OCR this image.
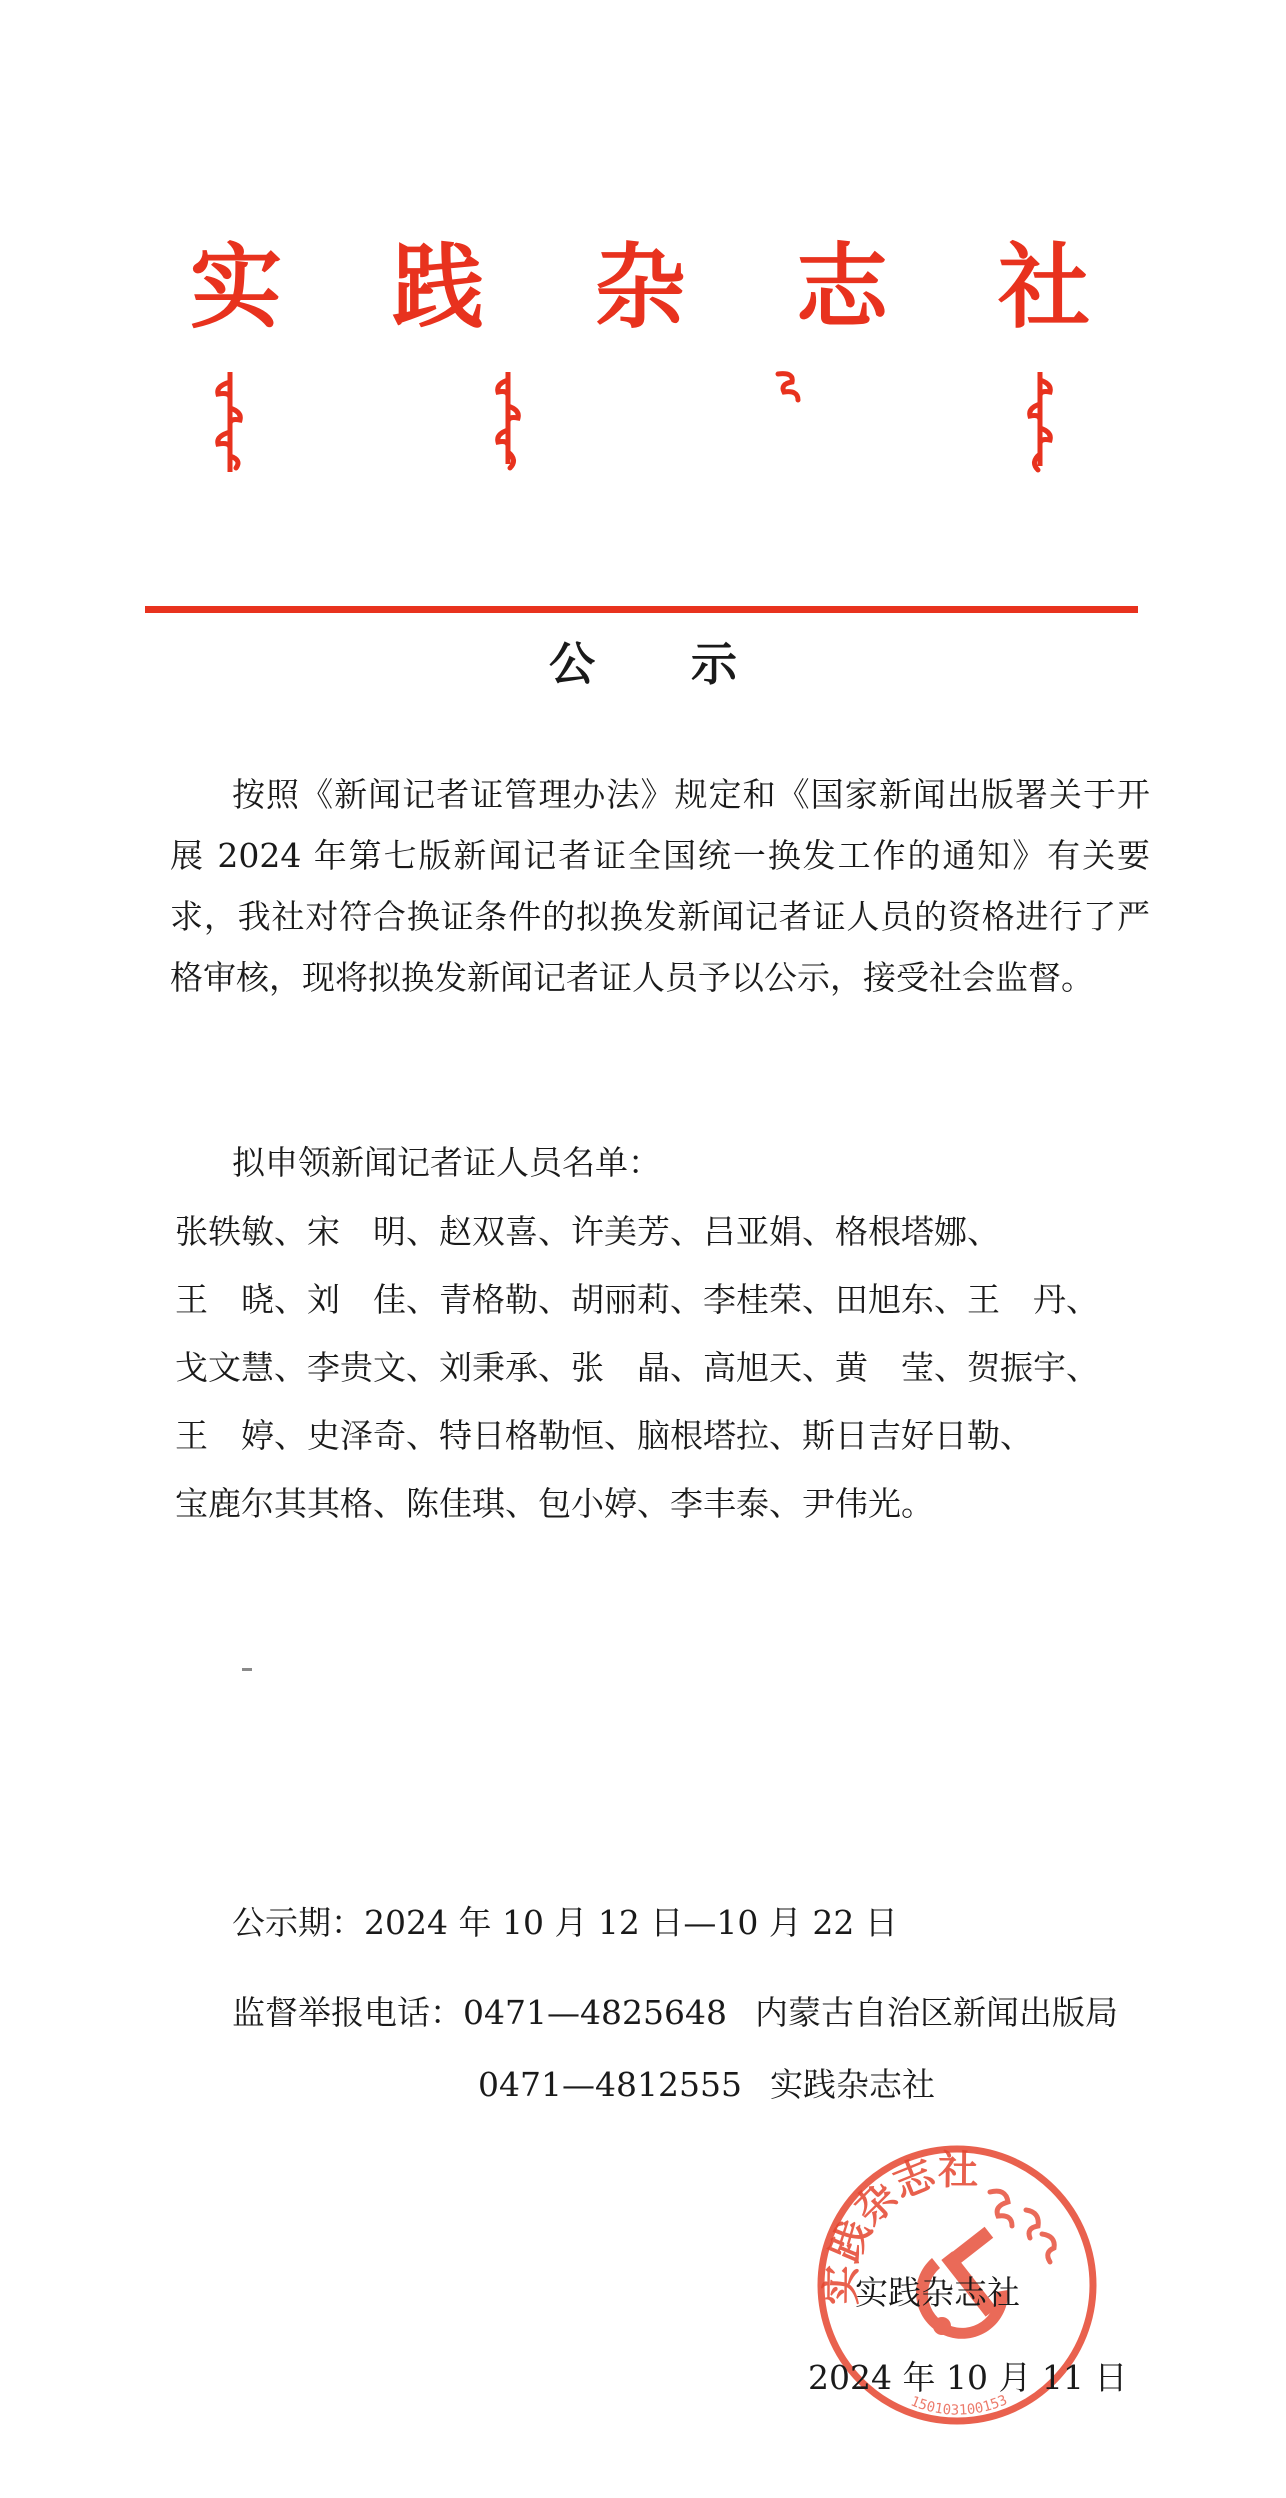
实 践 杂 志 社
公 示

按照《新闻记者证管理办法》规定和《国家新闻出版署关于开展 2024 年第七版新闻记者证全国统一换发工作的通知》有关要求，我社对符合换证条件的拟换发新闻记者证人员的资格进行了严格审核，现将拟换发新闻记者证人员予以公示，接受社会监督。

拟申领新闻记者证人员名单：

张轶敏、宋　明、赵双喜、许美芳、吕亚娟、格根塔娜、
王　晓、刘　佳、青格勒、胡丽莉、李桂荣、田旭东、王　丹、
戈文慧、李贵文、刘秉承、张　晶、高旭天、黄　莹、贺振宇、
王　婷、史泽奇、特日格勒恒、脑根塔拉、斯日吉好日勒、
宝鹿尔其其格、陈佳琪、包小婷、李丰泰、尹伟光。

公示期：2024 年 10 月 12 日—10 月 22 日

监督举报电话：0471—4825648 内蒙古自治区新闻出版局

0471—4812555 实践杂志社

实践杂志社
150103100153

实践杂志社

2024 年 10 月 11 日
